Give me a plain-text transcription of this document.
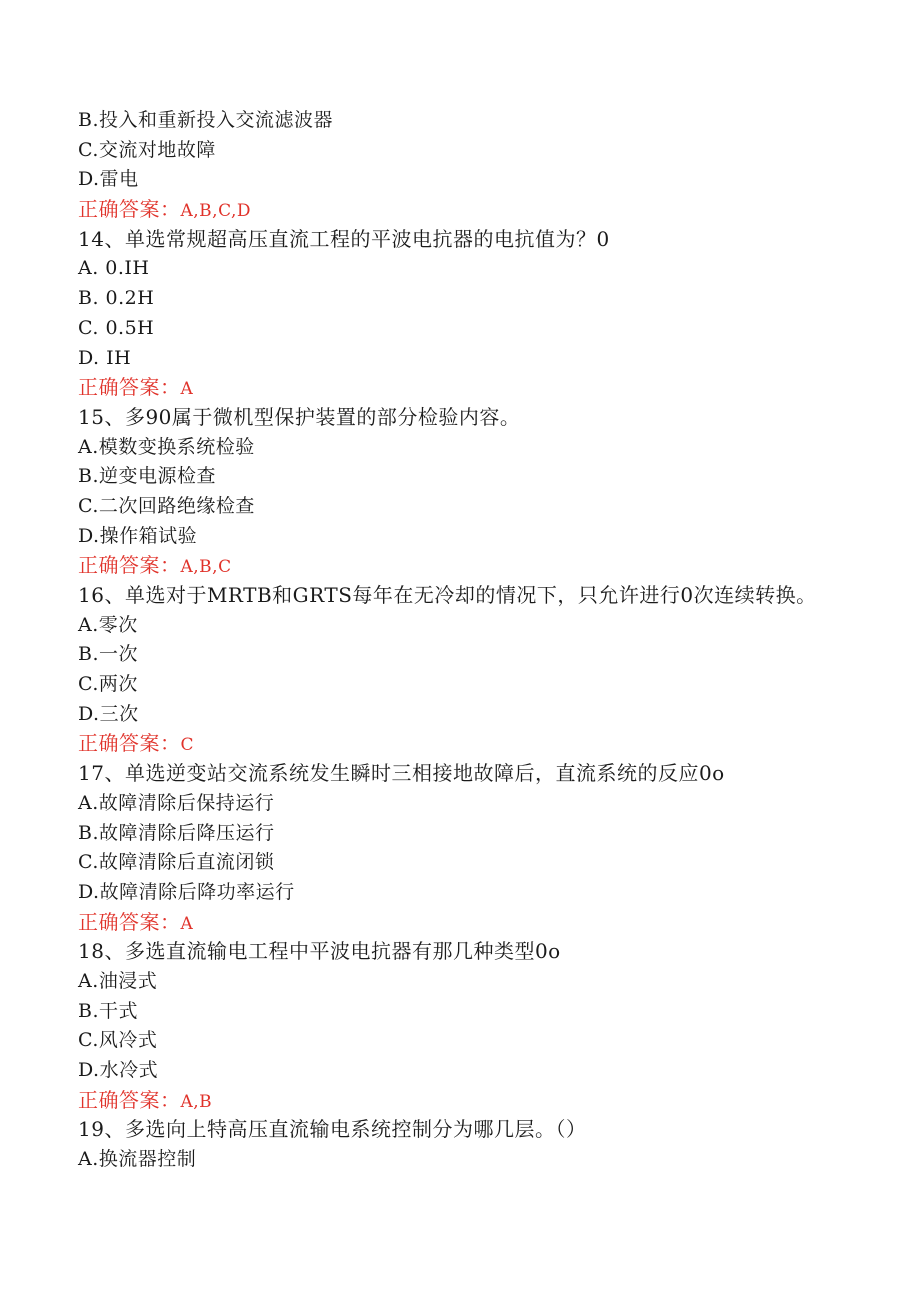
B.投入和重新投入交流滤波器
C.交流对地故障
D.雷电
正确答案：A,B,C,D
14、单选常规超高压直流工程的平波电抗器的电抗值为？0
A. 0.IH
B. 0.2H
C. 0.5H
D. IH
正确答案：A
15、多90属于微机型保护装置的部分检验内容。
A.模数变换系统检验
B.逆变电源检查
C.二次回路绝缘检查
D.操作箱试验
正确答案：A,B,C
16、单选对于MRTB和GRTS每年在无冷却的情况下，只允许进行0次连续转换。
A.零次
B.一次
C.两次
D.三次
正确答案：C
17、单选逆变站交流系统发生瞬时三相接地故障后，直流系统的反应0o
A.故障清除后保持运行
B.故障清除后降压运行
C.故障清除后直流闭锁
D.故障清除后降功率运行
正确答案：A
18、多选直流输电工程中平波电抗器有那几种类型0o
A.油浸式
B.干式
C.风冷式
D.水冷式
正确答案：A,B
19、多选向上特高压直流输电系统控制分为哪几层。（）
A.换流器控制
